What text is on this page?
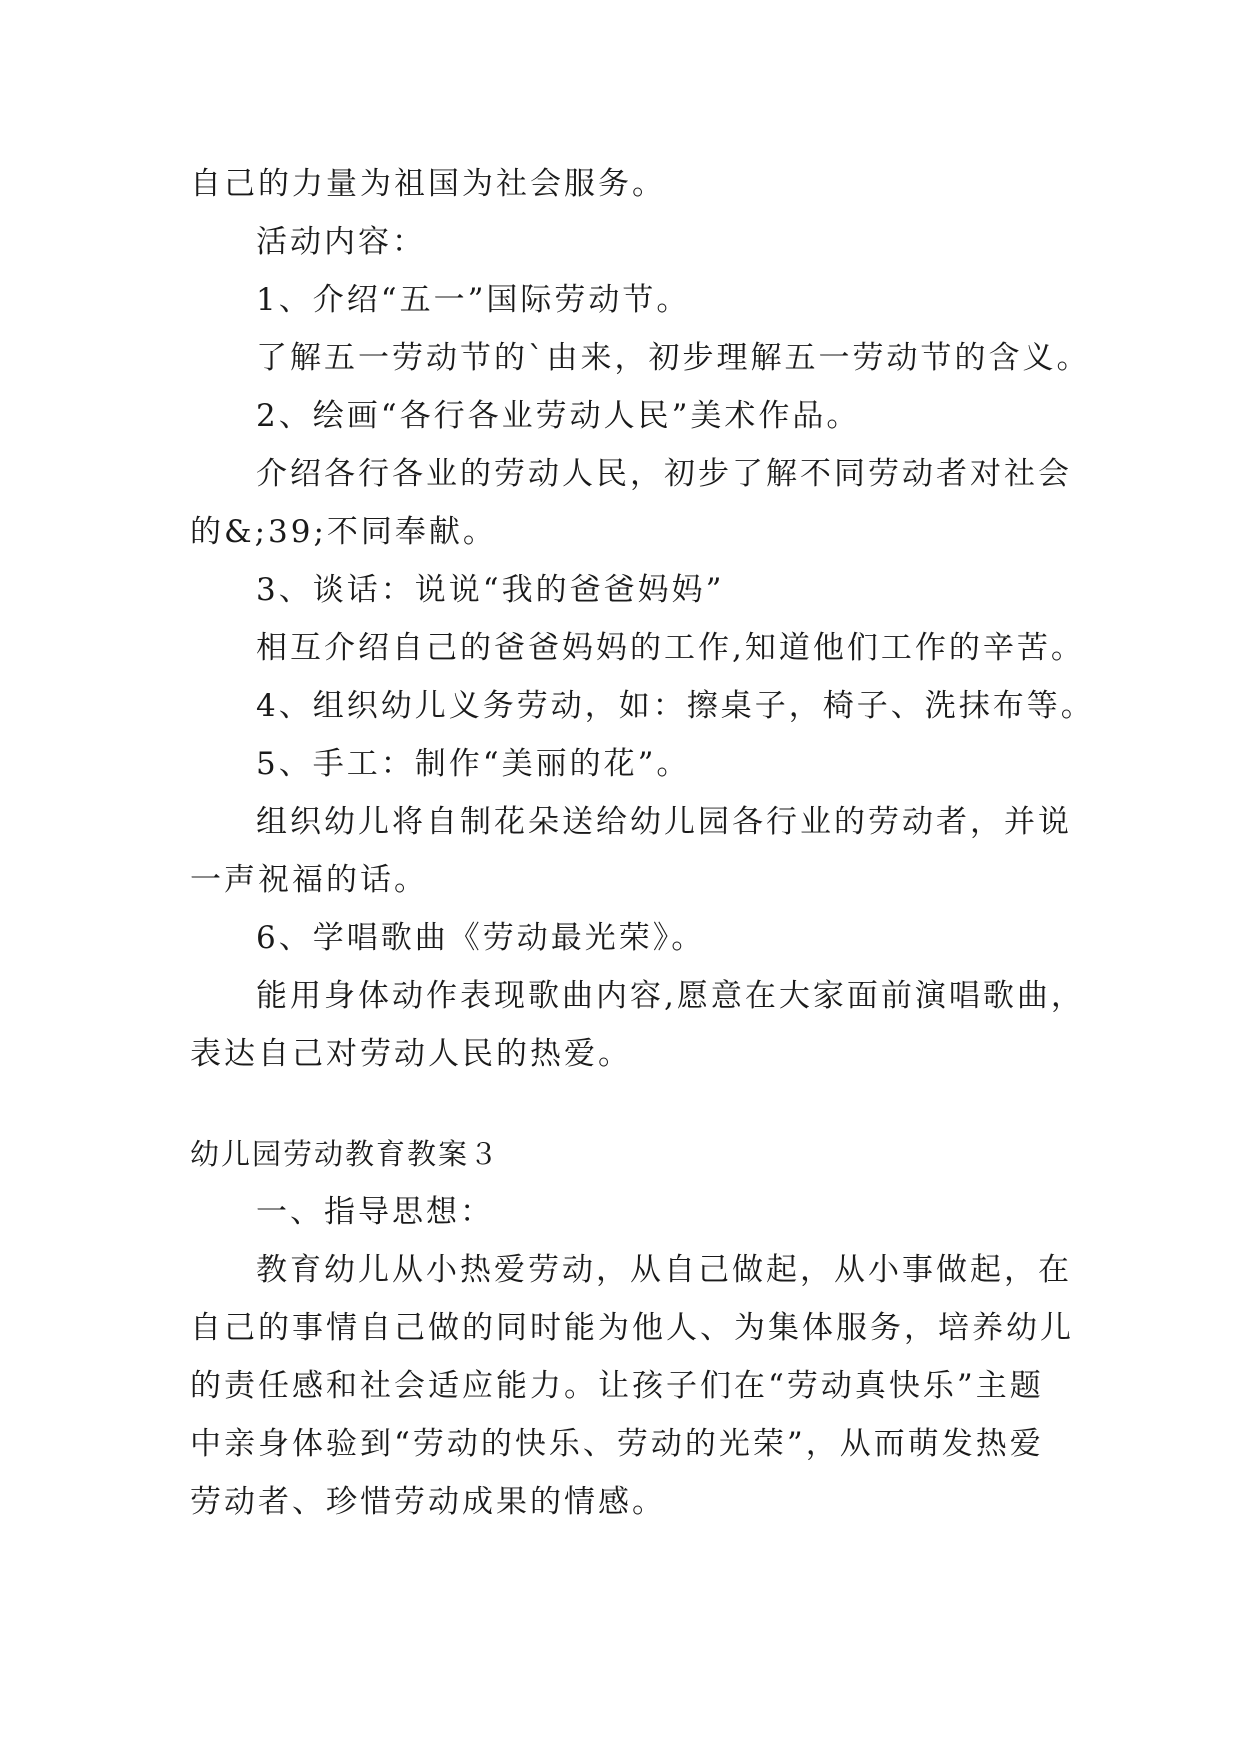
自己的力量为祖国为社会服务。

活动内容：

1、介绍“五一”国际劳动节。

了解五一劳动节的`由来，初步理解五一劳动节的含义。

2、绘画“各行各业劳动人民”美术作品。

介绍各行各业的劳动人民，初步了解不同劳动者对社会

的&;39;不同奉献。

3、谈话：说说“我的爸爸妈妈”

相互介绍自己的爸爸妈妈的工作,知道他们工作的辛苦。

4、组织幼儿义务劳动，如：擦桌子，椅子、洗抹布等。

5、手工：制作“美丽的花”。

组织幼儿将自制花朵送给幼儿园各行业的劳动者，并说

一声祝福的话。

6、学唱歌曲《劳动最光荣》。

能用身体动作表现歌曲内容,愿意在大家面前演唱歌曲，

表达自己对劳动人民的热爱。

幼儿园劳动教育教案３

一、指导思想：

教育幼儿从小热爱劳动，从自己做起，从小事做起，在

自己的事情自己做的同时能为他人、为集体服务，培养幼儿

的责任感和社会适应能力。让孩子们在“劳动真快乐”主题

中亲身体验到“劳动的快乐、劳动的光荣”，从而萌发热爱

劳动者、珍惜劳动成果的情感。
